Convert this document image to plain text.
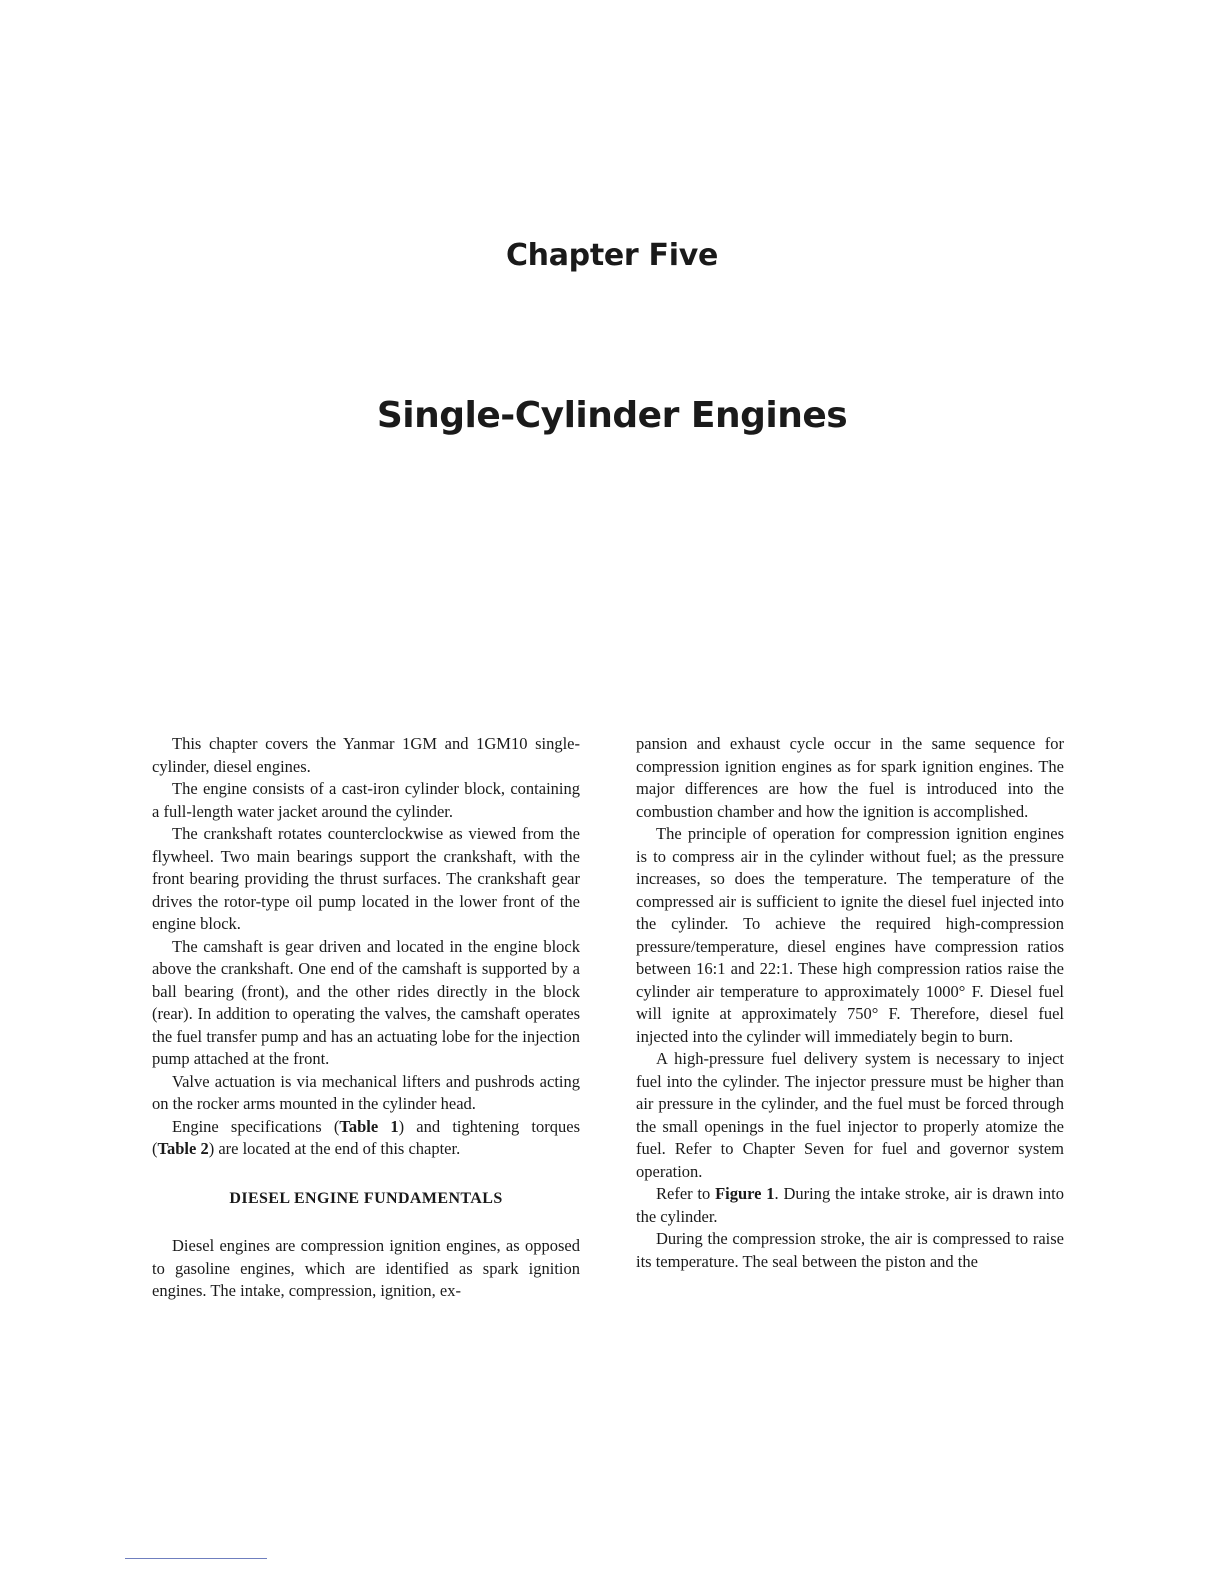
Chapter Five
Single-Cylinder Engines

This chapter covers the Yanmar 1GM and 1GM10 single-cylinder, diesel engines.

The engine consists of a cast-iron cylinder block, containing a full-length water jacket around the cylinder.

The crankshaft rotates counterclockwise as viewed from the flywheel. Two main bearings support the crankshaft, with the front bearing providing the thrust surfaces. The crankshaft gear drives the rotor-type oil pump located in the lower front of the engine block.

The camshaft is gear driven and located in the engine block above the crankshaft. One end of the camshaft is supported by a ball bearing (front), and the other rides directly in the block (rear). In addition to operating the valves, the camshaft operates the fuel transfer pump and has an actuating lobe for the injection pump attached at the front.

Valve actuation is via mechanical lifters and pushrods acting on the rocker arms mounted in the cylinder head.

Engine specifications (Table 1) and tightening torques (Table 2) are located at the end of this chapter.

DIESEL ENGINE FUNDAMENTALS

Diesel engines are compression ignition engines, as opposed to gasoline engines, which are identified as spark ignition engines. The intake, compression, ignition, ex-

pansion and exhaust cycle occur in the same sequence for compression ignition engines as for spark ignition engines. The major differences are how the fuel is introduced into the combustion chamber and how the ignition is accomplished.

The principle of operation for compression ignition engines is to compress air in the cylinder without fuel; as the pressure increases, so does the temperature. The temperature of the compressed air is sufficient to ignite the diesel fuel injected into the cylinder. To achieve the required high-compression pressure/temperature, diesel engines have compression ratios between 16:1 and 22:1. These high compression ratios raise the cylinder air temperature to approximately 1000° F. Diesel fuel will ignite at approximately 750° F. Therefore, diesel fuel injected into the cylinder will immediately begin to burn.

A high-pressure fuel delivery system is necessary to inject fuel into the cylinder. The injector pressure must be higher than air pressure in the cylinder, and the fuel must be forced through the small openings in the fuel injector to properly atomize the fuel. Refer to Chapter Seven for fuel and governor system operation.

Refer to Figure 1. During the intake stroke, air is drawn into the cylinder.

During the compression stroke, the air is compressed to raise its temperature. The seal between the piston and the
